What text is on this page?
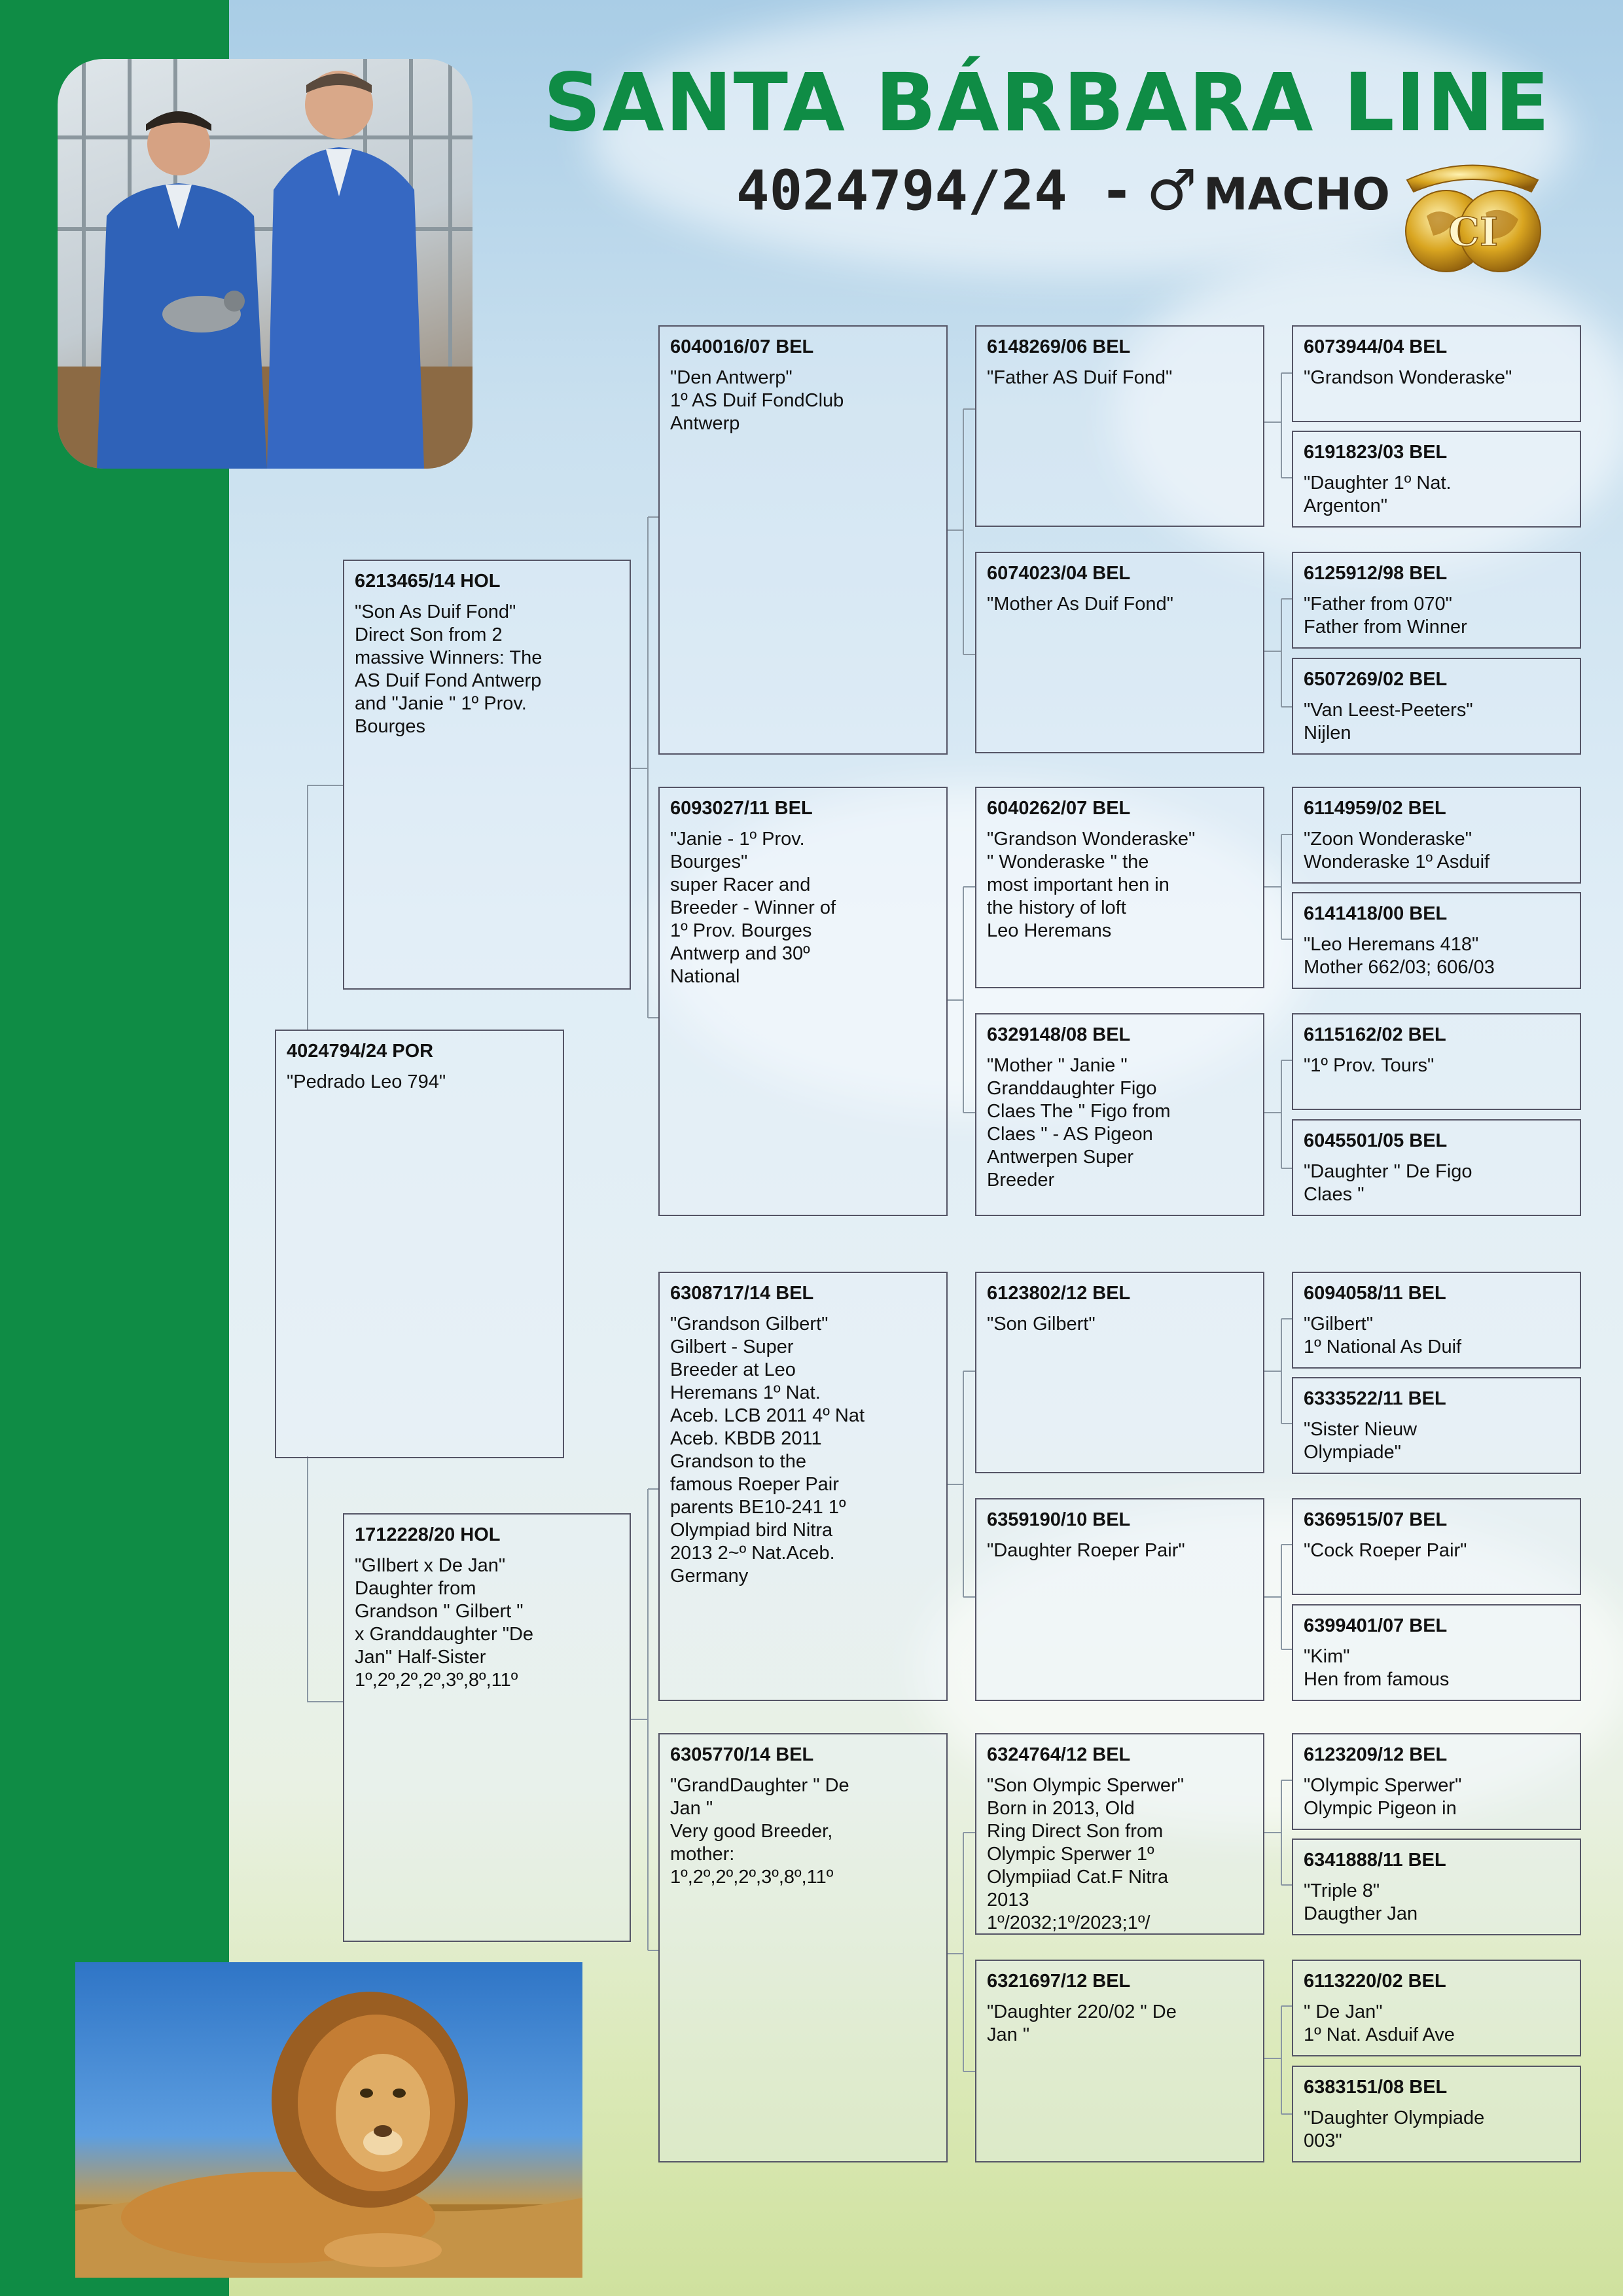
SANTA BÁRBARA LINE
4024794/24 - ♂ MACHO
CI
4024794/24 POR
"Pedrado Leo 794"
6213465/14 HOL
"Son As Duif Fond"
Direct Son from 2
massive Winners: The
AS Duif Fond Antwerp
and "Janie " 1º Prov.
Bourges
1712228/20 HOL
"GIlbert x De Jan"
Daughter from
Grandson " Gilbert "
x Granddaughter "De
Jan" Half-Sister
1º,2º,2º,2º,3º,8º,11º
6040016/07 BEL
"Den Antwerp"
1º AS Duif FondClub
Antwerp
6093027/11 BEL
"Janie - 1º Prov.
Bourges"
super Racer and
Breeder - Winner of
1º Prov. Bourges
Antwerp and 30º
National
6308717/14 BEL
"Grandson Gilbert"
Gilbert - Super
Breeder at Leo
Heremans 1º Nat.
Aceb. LCB 2011 4º Nat
Aceb. KBDB 2011
Grandson to the
famous Roeper Pair
parents BE10-241 1º
Olympiad bird Nitra
2013 2~º Nat.Aceb.
Germany
6305770/14 BEL
"GrandDaughter " De
Jan "
Very good Breeder,
mother:
1º,2º,2º,2º,3º,8º,11º
6148269/06 BEL
"Father AS Duif Fond"
6074023/04 BEL
"Mother As Duif Fond"
6040262/07 BEL
"Grandson Wonderaske"
" Wonderaske " the
most important hen in
the history of loft
Leo Heremans
6329148/08 BEL
"Mother " Janie "
Granddaughter Figo
Claes The " Figo from
Claes " - AS Pigeon
Antwerpen Super
Breeder
6123802/12 BEL
"Son Gilbert"
6359190/10 BEL
"Daughter Roeper Pair"
6324764/12 BEL
"Son Olympic Sperwer"
Born in 2013, Old
Ring Direct Son from
Olympic Sperwer 1º
Olympiiad Cat.F Nitra
2013
1º/2032;1º/2023;1º/
6321697/12 BEL
"Daughter 220/02 " De
Jan "
6073944/04 BEL
"Grandson Wonderaske"
6191823/03 BEL
"Daughter 1º Nat.
Argenton"
6125912/98 BEL
"Father from 070"
Father from Winner
6507269/02 BEL
"Van Leest-Peeters"
Nijlen
6114959/02 BEL
"Zoon Wonderaske"
Wonderaske 1º Asduif
6141418/00 BEL
"Leo Heremans 418"
Mother 662/03; 606/03
6115162/02 BEL
"1º Prov. Tours"
6045501/05 BEL
"Daughter " De Figo
Claes "
6094058/11 BEL
"Gilbert"
1º National As Duif
6333522/11 BEL
"Sister Nieuw
Olympiade"
6369515/07 BEL
"Cock Roeper Pair"
6399401/07 BEL
"Kim"
Hen from famous
6123209/12 BEL
"Olympic Sperwer"
Olympic Pigeon in
6341888/11 BEL
"Triple 8"
Daugther Jan
6113220/02 BEL
" De Jan"
1º Nat. Asduif Ave
6383151/08 BEL
"Daughter Olympiade
003"
